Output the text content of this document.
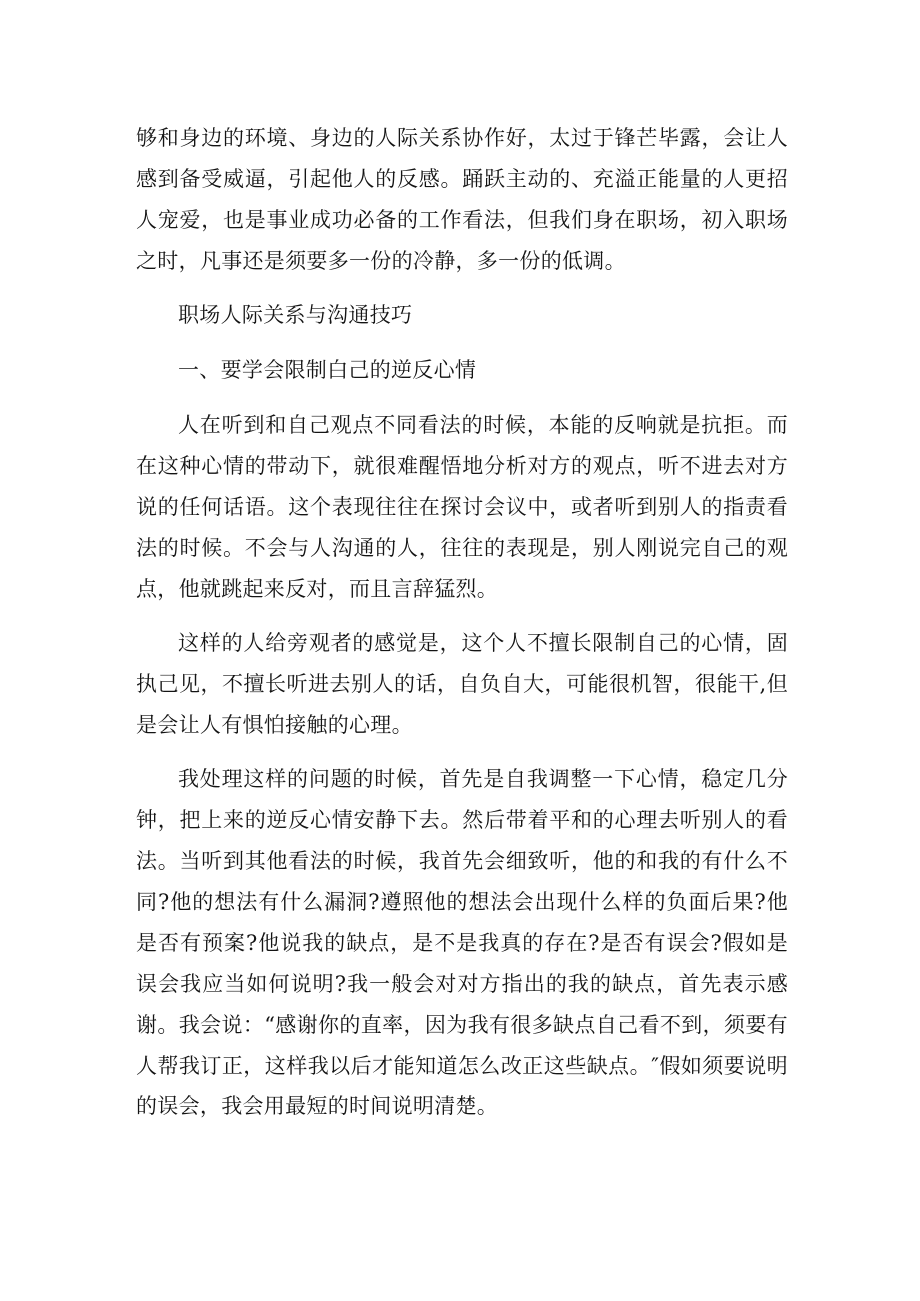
够和身边的环境、身边的人际关系协作好，太过于锋芒毕露，会让人感到备受威逼，引起他人的反感。踊跃主动的、充溢正能量的人更招人宠爱，也是事业成功必备的工作看法，但我们身在职场，初入职场之时，凡事还是须要多一份的冷静，多一份的低调。

职场人际关系与沟通技巧

一、要学会限制白己的逆反心情

人在听到和自己观点不同看法的时候，本能的反响就是抗拒。而在这种心情的带动下，就很难醒悟地分析对方的观点，听不进去对方说的任何话语。这个表现往往在探讨会议中，或者听到别人的指责看法的时候。不会与人沟通的人，往往的表现是，别人刚说完自己的观点，他就跳起来反对，而且言辞猛烈。

这样的人给旁观者的感觉是，这个人不擅长限制自己的心情，固执己见，不擅长听进去别人的话，自负自大，可能很机智，很能干,但是会让人有惧怕接触的心理。

我处理这样的问题的时候，首先是自我调整一下心情，稳定几分钟，把上来的逆反心情安静下去。然后带着平和的心理去听别人的看法。当听到其他看法的时候，我首先会细致听，他的和我的有什么不同?他的想法有什么漏洞?遵照他的想法会出现什么样的负面后果?他是否有预案?他说我的缺点，是不是我真的存在?是否有误会?假如是误会我应当如何说明?我一般会对对方指出的我的缺点，首先表示感谢。我会说：“感谢你的直率，因为我有很多缺点自己看不到，须要有人帮我订正，这样我以后才能知道怎么改正这些缺点。″假如须要说明的误会，我会用最短的时间说明清楚。
